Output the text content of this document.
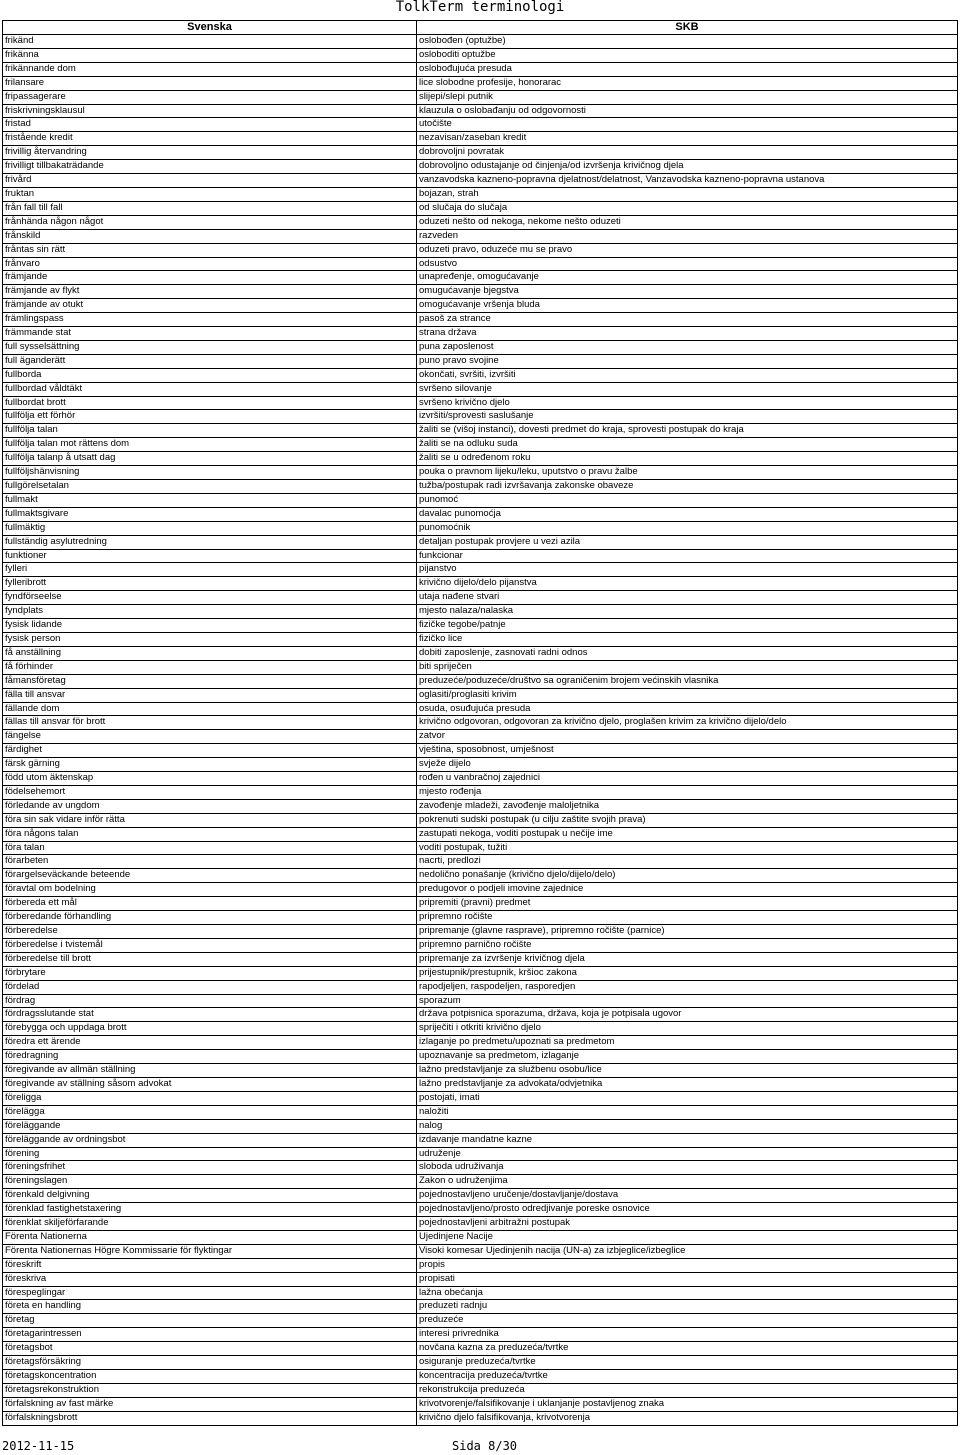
TolkTerm terminologi
Svenska	SKB
frikänd	oslobođen (optužbe)
frikänna	osloboditi optužbe
frikännande dom	oslobođujuća presuda
frilansare	lice slobodne profesije, honorarac
fripassagerare	slijepi/slepi putnik
friskrivningsklausul	klauzula o oslobađanju od odgovornosti
fristad	utočište
fristående kredit	nezavisan/zaseban kredit
frivillig återvandring	dobrovoljni povratak
frivilligt tillbakaträdande	dobrovoljno odustajanje od činjenja/od izvršenja krivičnog djela
frivård	vanzavodska kazneno-popravna djelatnost/delatnost, Vanzavodska kazneno-popravna ustanova
fruktan	bojazan, strah
från fall till fall	od slučaja do slučaja
frånhända någon något	oduzeti nešto od nekoga, nekome nešto oduzeti
frånskild	razveden
fråntas sin rätt	oduzeti pravo, oduzeće mu se pravo
frånvaro	odsustvo
främjande	unapređenje, omogućavanje
främjande av flykt	omugućavanje bjegstva
främjande av otukt	omogućavanje vršenja bluda
främlingspass	pasoš za strance
främmande stat	strana država
full sysselsättning	puna zaposlenost
full äganderätt	puno pravo svojine
fullborda	okončati, svršiti, izvršiti
fullbordad våldtäkt	svršeno silovanje
fullbordat brott	svršeno krivično djelo
fullfölja ett förhör	izvršiti/sprovesti saslušanje
fullfölja talan	žaliti se (višoj instanci), dovesti predmet do kraja, sprovesti postupak do kraja
fullfölja talan mot rättens dom	žaliti se na odluku suda
fullfölja talanp å utsatt dag	žaliti se u određenom roku
fullföljshänvisning	pouka o pravnom lijeku/leku, uputstvo o pravu žalbe
fullgörelsetalan	tužba/postupak radi izvršavanja zakonske obaveze
fullmakt	punomoć
fullmaktsgivare	davalac punomoćja
fullmäktig	punomoćnik
fullständig asylutredning	detaljan postupak provjere u vezi azila
funktioner	funkcionar
fylleri	pijanstvo
fylleribrott	krivično dijelo/delo pijanstva
fyndförseelse	utaja nađene stvari
fyndplats	mjesto nalaza/nalaska
fysisk lidande	fizičke tegobe/patnje
fysisk person	fizičko lice
få anställning	dobiti zaposlenje, zasnovati radni odnos
få förhinder	biti spriječen
fåmansföretag	preduzeće/poduzeće/društvo sa ograničenim brojem većinskih vlasnika
fälla till ansvar	oglasiti/proglasiti krivim
fällande dom	osuda, osuđujuća presuda
fällas till ansvar för brott	krivično odgovoran, odgovoran za krivično djelo, proglašen krivim za krivično dijelo/delo
fängelse	zatvor
färdighet	vještina, sposobnost, umješnost
färsk gärning	svježe dijelo
född utom äktenskap	rođen u vanbračnoj zajednici
födelsehemort	mjesto rođenja
förledande av ungdom	zavođenje mladeži, zavođenje maloljetnika
föra sin sak vidare inför rätta	pokrenuti sudski postupak (u cilju zaštite svojih prava)
föra någons talan	zastupati nekoga, voditi postupak u nečije ime
föra talan	voditi postupak, tužiti
förarbeten	nacrti, predlozi
förargelseväckande beteende	nedolično ponašanje (krivično djelo/dijelo/delo)
föravtal om bodelning	predugovor o podjeli imovine zajednice
förbereda ett mål	pripremiti (pravni) predmet
förberedande förhandling	pripremno ročište
förberedelse	pripremanje (glavne rasprave), pripremno ročište (parnice)
förberedelse i tvistemål	pripremno parnično ročište
förberedelse till brott	pripremanje za izvršenje krivičnog djela
förbrytare	prijestupnik/prestupnik, kršioc zakona
fördelad	rapodjeljen, raspodeljen, rasporedjen
fördrag	sporazum
fördragsslutande stat	država potpisnica sporazuma, država, koja je potpisala ugovor
förebygga och uppdaga brott	spriječiti i otkriti krivično djelo
föredra ett ärende	izlaganje po predmetu/upoznati sa predmetom
föredragning	upoznavanje sa predmetom, izlaganje
föregivande av allmän ställning	lažno predstavljanje za službenu osobu/lice
föregivande av ställning såsom advokat	lažno predstavljanje za advokata/odvjetnika
föreligga	postojati, imati
förelägga	naložiti
föreläggande	nalog
föreläggande av ordningsbot	izdavanje mandatne kazne
förening	udruženje
föreningsfrihet	sloboda udruživanja
föreningslagen	Zakon o udruženjima
förenkald delgivning	pojednostavljeno uručenje/dostavljanje/dostava
förenklad fastighetstaxering	pojednostavljeno/prosto odredjivanje poreske osnovice
förenklat skiljeförfarande	pojednostavljeni arbitražni postupak
Förenta Nationerna	Ujedinjene Nacije
Förenta Nationernas Högre Kommissarie för flyktingar	Visoki komesar Ujedinjenih nacija (UN-a) za izbjeglice/izbeglice
föreskrift	propis
föreskriva	propisati
förespeglingar	lažna obećanja
företa en handling	preduzeti radnju
företag	preduzeće
företagarintressen	interesi privrednika
företagsbot	novčana kazna za preduzeća/tvrtke
företagsförsäkring	osiguranje preduzeća/tvrtke
företagskoncentration	koncentracija preduzeća/tvrtke
företagsrekonstruktion	rekonstrukcija preduzeća
förfalskning av fast märke	krivotvorenje/falsifikovanje i uklanjanje postavljenog znaka
förfalskningsbrott	krivično djelo falsifikovanja, krivotvorenja
2012-11-15	Sida 8/30
